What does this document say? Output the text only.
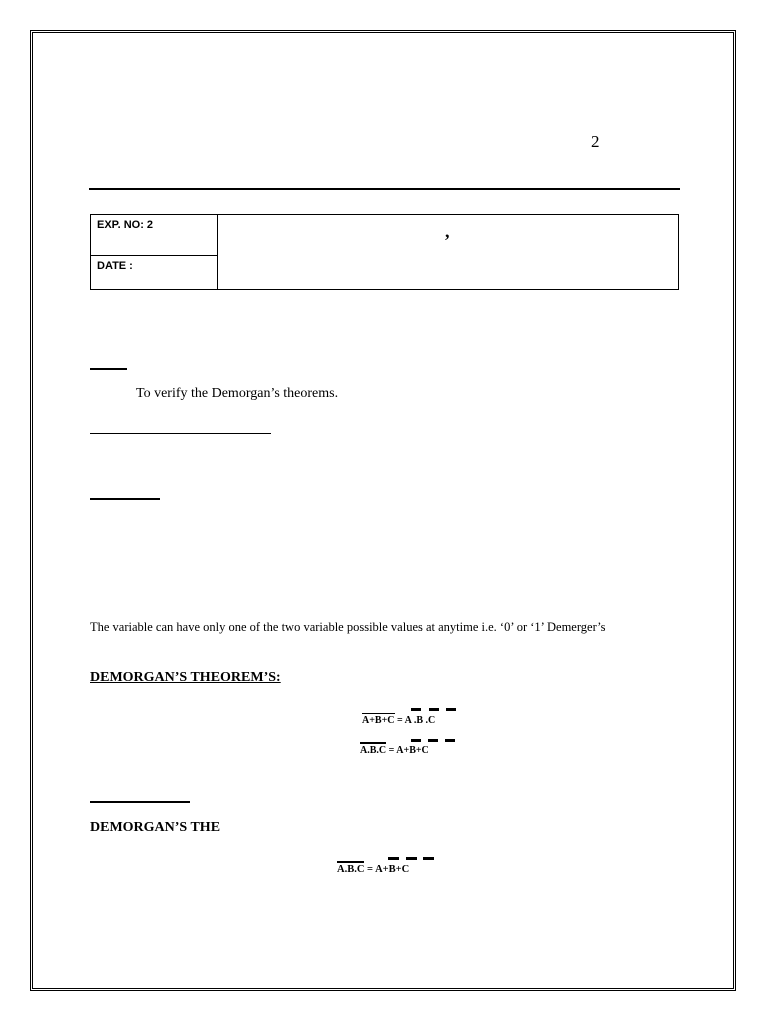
2
EXP. NO: 2
DATE :
,
To verify the Demorgan’s theorems.
The variable can have only one of the two variable possible values at anytime i.e. ‘0’ or ‘1’ Demerger’s
DEMORGAN’S THEOREM’S:
A+B+C = A .B .C
A.B.C = A+B+C
DEMORGAN’S THE
A.B.C = A+B+C
